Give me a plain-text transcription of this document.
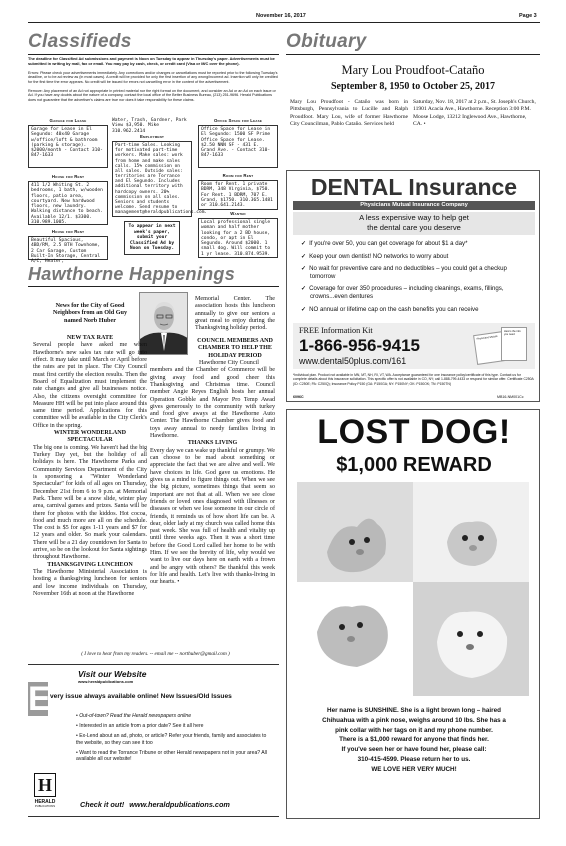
November 16, 2017	Page 3
Classifieds
The deadline for Classified Ad submissions and payment is Noon on Tuesday to appear in Thursday's paper. Advertisements must be submitted in writing by mail, fax or email. You may pay by cash, check, or credit card (Visa or M/C over the phone).
Errors: Please check your advertisements immediately. Any corrections and/or changes or cancellations must be reported prior to the following Tuesday's deadline, or to be ad review as (in most cases). A credit will be provided for only the first insertion of any wrong/incorrect ad. Insertion will only be credited for the first time the error appears. No credit will be issued for errors not cancelling error in the content of the advertisement.
Remove: Any placement of an Ad not appropriate in printed material nor the right format on the document, and consider an Ad or an Ad on each issue or Ad. If you have any doubts about the nature of a company, contact the local office of the Better Business Bureau, (213) 251-9696. Herald Publications does not guarantee that the advertiser's claims are true nor does it take responsibility for these claims.
Garage for Lease
Garage for Lease in El Segundo: 40x40 Garage w/office/loft & bathroom (parking & storage). $2000/month - Contact 310-847-1633
House for Rent
411 1/2 Whiting St. 2 bedrooms, 1 bath, w/wooden floors, patio area, courtyard. New hardwood floors, new laundry. Walking distance to beach. Available 12/1. $3300. 310.989.1005.
House for Rent
Beautiful Spacious, 4BD/RM, 2.5 BTH Townhome, 2 Car Garage, Custom Built-In Storage, Central A/C, Heater,
Water, Trash, Gardner, Park View $3,950. Mike 310.962.2414
Employment
Part-time Sales. Looking for motivated part-time workers. Make sales: work from home and make sales calls. 15% commission on all sales. Outside sales: territories are Torrance and El Segundo. Includes additional territory with hardcopy owners. 20% commission on all sales. Seniors and students welcome. Send resume to management@heraldpublications.com.
To appear in next week's paper, submit your Classified Ad by Noon on Tuesday.
Office Space for Lease
Office Space for Lease in El Segundo: 1500 SF Prime Office Space for Lease. $2.50 NNN SF - 431 E. Grand Ave. - Contact 310-847-1633
Room for Rent
Room for Rent. 1 private BDRM, 348 Virginia, $750. For Rent. 1 BDRM, 707 E. Grand, $1750. 310.365.1481 or 310.641.2143.
Wanted
Local professional single woman and half mother looking for a 2 BD house, condo, or apt in El Segundo. Around $2000. 1 small dog. Will commit to 1 yr lease. 310.874.9539.
Hawthorne Happenings
News for the City of Good Neighbors from an Old Guy named Norb Huber
NEW TAX RATE
Several people have asked me when Hawthorne's new sales tax rate will go into effect. It may take until March or April before the rates are put in place. The City Council must first certify the election results. Then the Board of Equalization must implement the rate changes and give all businesses notice. Also, the citizens oversight committee for Measure HH will be put into place around this same time period. Applications for this committee will be available in the City Clerk's Office in the spring.
WINTER WONDERLAND SPECTACULAR
The big one is coming. We haven't had the big Turkey Day yet, but the holiday of all holidays is here. The Hawthorne Parks and Community Services Department of the City is sponsoring a "Winter Wonderland Spectacular" for kids of all ages on Thursday, December 21st from 6 to 9 p.m. at Memorial Park. There will be a snow slide, winter play area, carnival games and prizes. Santa will be there for photos with the kiddos. Hot cocoa, food and much more are all on the schedule. The cost is $5 for ages 1-11 years and $7 for 12 years and older. So mark your calendars. There will be a 21 day countdown for Santa to arrive, so be on the lookout for Santa sightings throughout Hawthorne.
THANKSGIVING LUNCHEON
The Hawthorne Ministerial Association is hosting a thanksgiving luncheon for seniors and low income individuals on Thursday, November 16th at noon at the Hawthorne
Memorial Center. The association hosts this luncheon annually to give our seniors a great meal to enjoy during the Thanksgiving holiday period.
COUNCIL MEMBERS AND CHAMBER TO HELP THE HOLIDAY PERIOD
Hawthorne City Council
members and the Chamber of Commerce will be giving away food and good cheer this Thanksgiving and Christmas time. Council member Angie Reyes English hosts her annual Operation Gobble and Mayor Pro Temp Awad gives generously to the community with turkey and food give aways at the Hawthorne Auto Center. The Hawthorne Chamber gives food and toys away annual to needy families living in Hawthorne.
THANKS LIVING
Every day we can wake up thankful or grumpy. We can choose to be mad about something or appreciate the fact that we are alive and well. We have choices in life. God gave us emotions. He gives us a mind to figure things out. When we see the big picture, sometimes things that seem so important are not that at all. When we see close friends or loved ones diagnosed with illnesses or diseases or when we lose someone in our circle of friends, it reminds us of how short life can be. A dear, older lady at my church was called home this past week. She was full of health and vitality up until three weeks ago. Then it was a short time before the Good Lord called her home to be with Him. If we see the brevity of life, why would we want to live our days here on earth with a frown and be angry with others? Be thankful this week for life and health. Let's live with thanks-living in our hearts. •
( I love to hear from my readers. -- email me -- northuber@gmail.com )
Visit our Website
www.heraldpublications.com
E very issue always available online! New Issues/Old Issues
• Out-of-town? Read the Herald newspapers online
• Interested in an article from a prior date? See it all here
• Ex-Lend about an ad, photo, or article? Refer your friends, family and associates to the website, so they can see it too
• Want to read the Torrance Tribune or other Herald newspapers not in your area? All available all our website!
H
HERALD
PUBLICATIONS	Check it out! www.heraldpublications.com
Obituary
Mary Lou Proudfoot-Cataño
September 8, 1950 to October 25, 2017
Mary Lou Proudfoot - Cataño was born in Pittsburgh, Pennsylvania to Lucille and Ralph Proudfoot. Mary Lou, wife of former Hawthorne City Councilman, Pablo Cataño. Services held
Saturday, Nov. 18, 2017 at 2 p.m., St. Joseph's Church, 11901 Acacia Ave., Hawthorne. Reception 3:00 P.M. Moose Lodge, 13212 Inglewood Ave., Hawthorne, CA. •
DENTAL Insurance
Physicians Mutual Insurance Company
A less expensive way to help get
the dental care you deserve
✓ If you're over 50, you can get coverage for about $1 a day*
✓ Keep your own dentist! NO networks to worry about
✓ No wait for preventive care and no deductibles – you could get a checkup tomorrow
✓ Coverage for over 350 procedures – including cleanings, exams, fillings, crowns...even dentures
✓ NO annual or lifetime cap on the cash benefits you can receive
FREE Information Kit
1-866-956-9415
www.dental50plus.com/161
Physicians Mutual
Here's the info you need
*Individual plan. Product not available in MN, MT, NH, RI, VT, WA. Acceptance guaranteed for one insurance policy/certificate of this type. Contact us for complete details about this insurance solicitation. This specific offer is not available in CO, NY; call 1-888-799-4433 or respond for similar offer. Certificate C250A (ID: C250E; PA: C250Q); Insurance Policy P150 (GA: P150GA; NY: P150NY; OK: P150OK; TN: P150TN)
6096C	MB16-NM001Cc
LOST DOG!
$1,000 REWARD
Her name is SUNSHINE. She is a light brown long – haired
Chihuahua with a pink nose, weighs around 10 lbs. She has a
pink collar with her tags on it and my phone number.
There is a $1,000 reward for anyone that finds her.
If you've seen her or have found her, please call:
310-415-4599. Please return her to us.
WE LOVE HER VERY MUCH!
